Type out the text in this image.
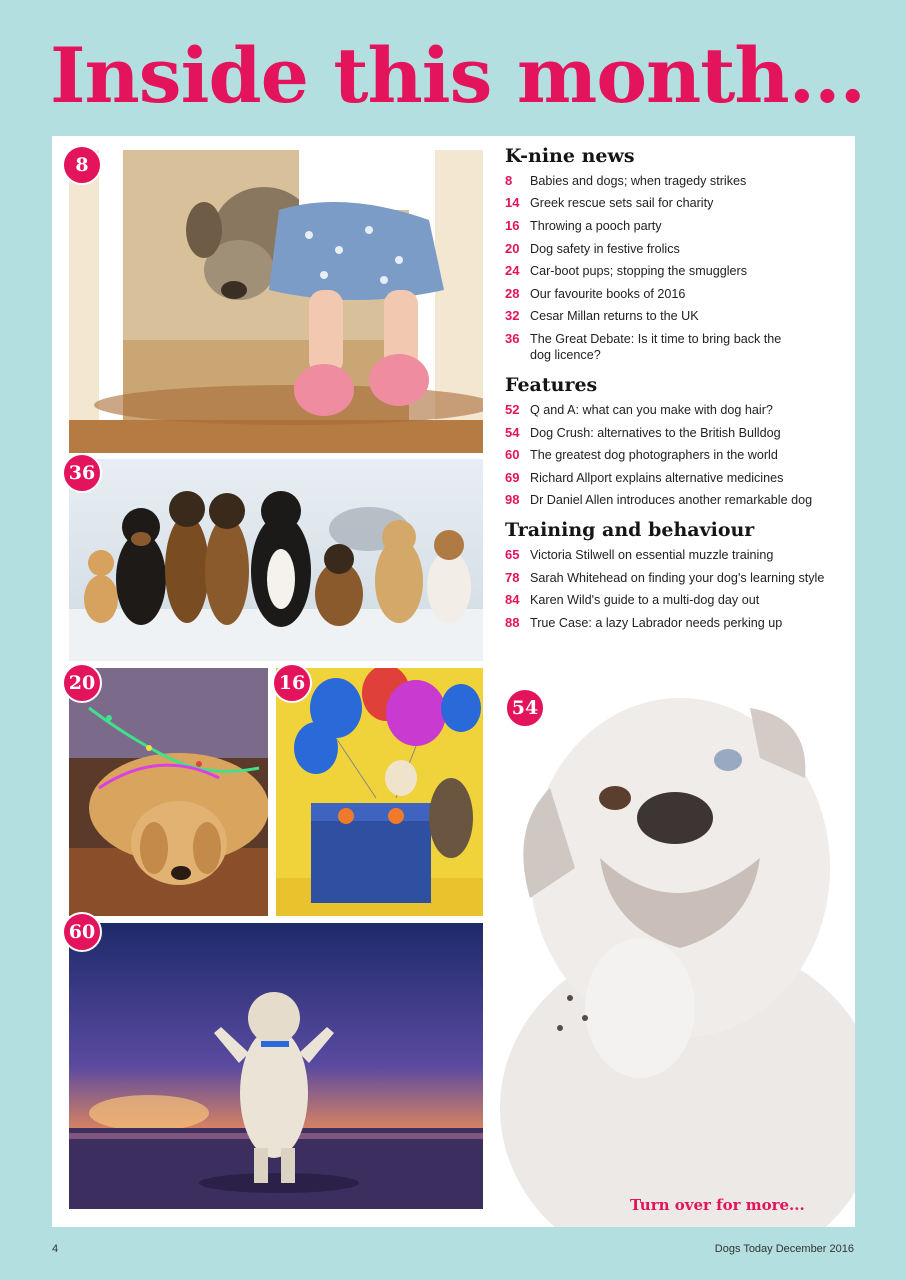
Inside this month...
8
36
20	16
60
54
K-nine news
8	Babies and dogs; when tragedy strikes
14 Greek rescue sets sail for charity
16 Throwing a pooch party
20 Dog safety in festive frolics
24 Car-boot pups; stopping the smugglers
28 Our favourite books of 2016
32 Cesar Millan returns to the UK
36 The Great Debate: Is it time to bring back the dog licence?
Features
52 Q and A: what can you make with dog hair?
54 Dog Crush: alternatives to the British Bulldog
60 The greatest dog photographers in the world
69 Richard Allport explains alternative medicines
98 Dr Daniel Allen introduces another remarkable dog
Training and behaviour
65 Victoria Stilwell on essential muzzle training
78 Sarah Whitehead on finding your dog's learning style
84 Karen Wild's guide to a multi-dog day out
88 True Case: a lazy Labrador needs perking up
Turn over for more...
4	Dogs Today December 2016
